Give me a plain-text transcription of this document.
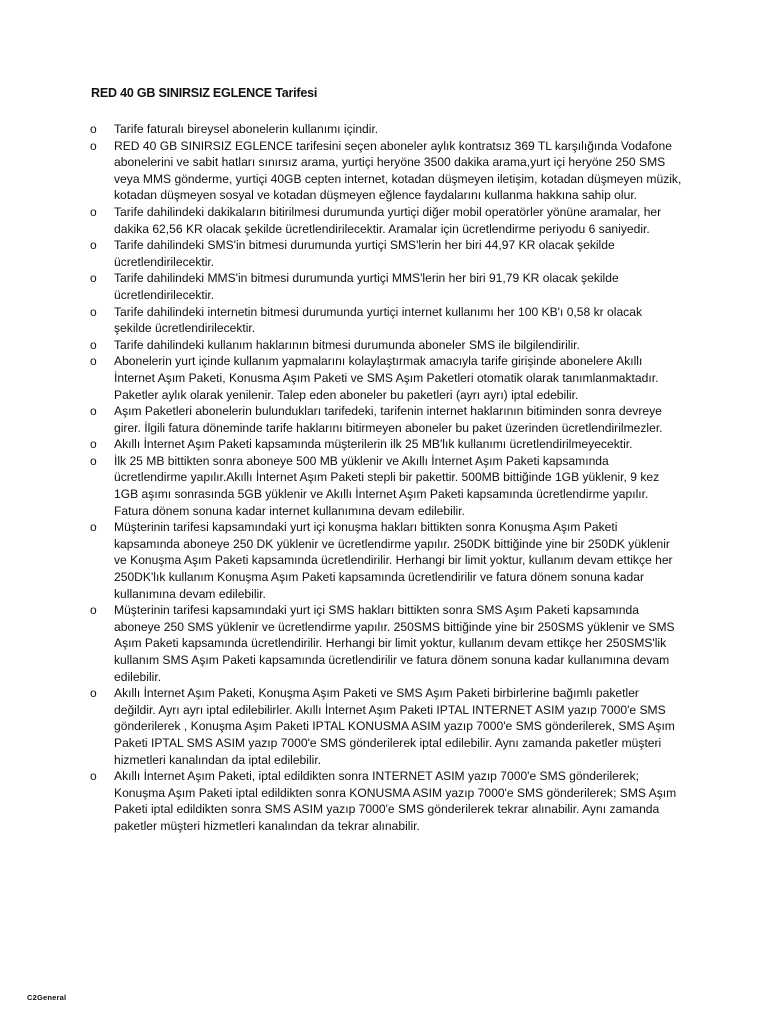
RED 40 GB SINIRSIZ EGLENCE Tarifesi
o Tarife faturalı bireysel abonelerin kullanımı içindir.
o RED 40 GB SINIRSIZ EGLENCE tarifesini seçen aboneler aylık kontratsız 369 TL karşılığında Vodafone abonelerini ve sabit hatları sınırsız arama, yurtiçi heryöne 3500 dakika arama,yurt içi heryöne 250 SMS veya MMS gönderme, yurtiçi 40GB cepten internet, kotadan düşmeyen iletişim, kotadan düşmeyen müzik, kotadan düşmeyen sosyal ve kotadan düşmeyen eğlence faydalarını kullanma hakkına sahip olur.
o Tarife dahilindeki dakikaların bitirilmesi durumunda yurtiçi diğer mobil operatörler yönüne aramalar, her dakika 62,56 KR olacak şekilde ücretlendirilecektir. Aramalar için ücretlendirme periyodu 6 saniyedir.
o Tarife dahilindeki SMS'in bitmesi durumunda yurtiçi SMS'lerin her biri 44,97 KR olacak şekilde ücretlendirilecektir.
o Tarife dahilindeki MMS'in bitmesi durumunda yurtiçi MMS'lerin her biri 91,79 KR olacak şekilde ücretlendirilecektir.
o Tarife dahilindeki internetin bitmesi durumunda yurtiçi internet kullanımı her 100 KB'ı 0,58 kr olacak şekilde ücretlendirilecektir.
o Tarife dahilindeki kullanım haklarının bitmesi durumunda aboneler SMS ile bilgilendirilir.
o Abonelerin yurt içinde kullanım yapmalarını kolaylaştırmak amacıyla tarife girişinde abonelere Akıllı İnternet Aşım Paketi, Konusma Aşım Paketi ve SMS Aşım Paketleri otomatik olarak tanımlanmaktadır. Paketler aylık olarak yenilenir. Talep eden aboneler bu paketleri (ayrı ayrı) iptal edebilir.
o Aşım Paketleri abonelerin bulundukları tarifedeki, tarifenin internet haklarının bitiminden sonra devreye girer. İlgili fatura döneminde tarife haklarını bitirmeyen aboneler bu paket üzerinden ücretlendirilmezler.
o Akıllı İnternet Aşım Paketi kapsamında müşterilerin ilk 25 MB'lık kullanımı ücretlendirilmeyecektir.
o İlk 25 MB bittikten sonra aboneye 500 MB yüklenir ve Akıllı İnternet Aşım Paketi kapsamında ücretlendirme yapılır.Akıllı İnternet Aşım Paketi stepli bir pakettir. 500MB bittiğinde 1GB yüklenir, 9 kez 1GB aşımı sonrasında 5GB yüklenir ve Akıllı İnternet Aşım Paketi kapsamında ücretlendirme yapılır. Fatura dönem sonuna kadar internet kullanımına devam edilebilir.
o Müşterinin tarifesi kapsamındaki yurt içi konuşma hakları bittikten sonra Konuşma Aşım Paketi kapsamında aboneye 250 DK yüklenir ve ücretlendirme yapılır. 250DK bittiğinde yine bir 250DK yüklenir ve Konuşma Aşım Paketi kapsamında ücretlendirilir. Herhangi bir limit yoktur, kullanım devam ettikçe her 250DK'lık kullanım Konuşma Aşım Paketi kapsamında ücretlendirilir ve fatura dönem sonuna kadar kullanımına devam edilebilir.
o Müşterinin tarifesi kapsamındaki yurt içi SMS hakları bittikten sonra SMS Aşım Paketi kapsamında aboneye 250 SMS yüklenir ve ücretlendirme yapılır. 250SMS bittiğinde yine bir 250SMS yüklenir ve SMS Aşım Paketi kapsamında ücretlendirilir. Herhangi bir limit yoktur, kullanım devam ettikçe her 250SMS'lik kullanım SMS Aşım Paketi kapsamında ücretlendirilir ve fatura dönem sonuna kadar kullanımına devam edilebilir.
o Akıllı İnternet Aşım Paketi, Konuşma Aşım Paketi ve SMS Aşım Paketi birbirlerine bağımlı paketler değildir. Ayrı ayrı iptal edilebilirler. Akıllı İnternet Aşım Paketi IPTAL INTERNET ASIM yazıp 7000'e SMS gönderilerek , Konuşma Aşım Paketi IPTAL KONUSMA ASIM yazıp 7000'e SMS gönderilerek, SMS Aşım Paketi IPTAL SMS ASIM yazıp 7000'e SMS gönderilerek iptal edilebilir. Aynı zamanda paketler müşteri hizmetleri kanalından da iptal edilebilir.
o Akıllı İnternet Aşım Paketi, iptal edildikten sonra INTERNET ASIM yazıp 7000'e SMS gönderilerek; Konuşma Aşım Paketi iptal edildikten sonra KONUSMA ASIM yazıp 7000'e SMS gönderilerek; SMS Aşım Paketi iptal edildikten sonra SMS ASIM yazıp 7000'e SMS gönderilerek tekrar alınabilir. Aynı zamanda paketler müşteri hizmetleri kanalından da tekrar alınabilir.
C2General
